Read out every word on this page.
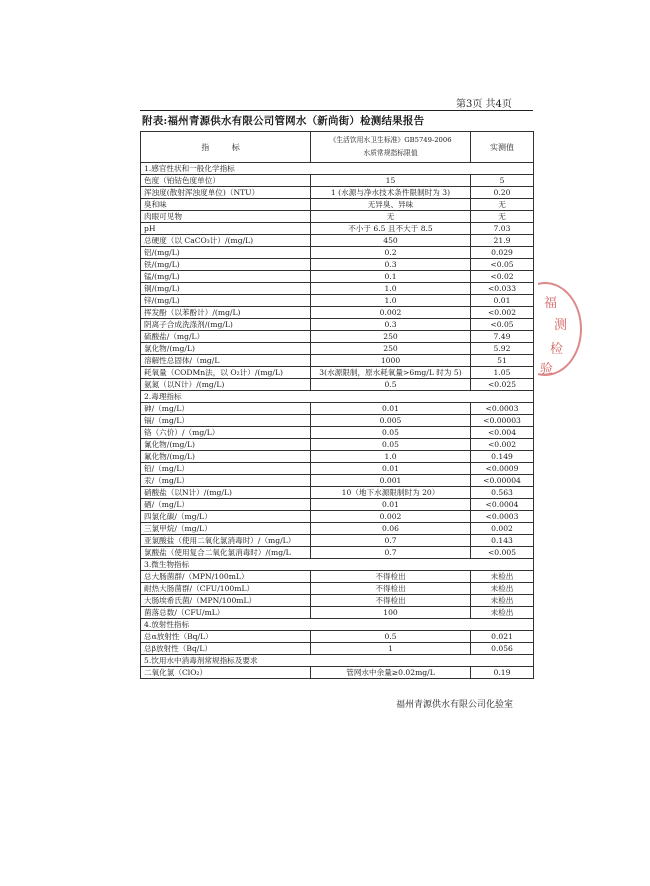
第3页 共4页
附表:福州青源供水有限公司管网水（新尚街）检测结果报告
指 标	《生活饮用水卫生标准》GB5749-2006
水质常规指标限值	实测值
1.感官性状和一般化学指标		
色度（铂钴色度单位）	15	5
浑浊度(散射浑浊度单位)（NTU）	1 (水源与净水技术条件限制时为 3)	0.20
臭和味	无异臭、异味	无
肉眼可见物	无	无
pH	不小于 6.5 且不大于 8.5	7.03
总硬度（以 CaCO₃计）/(mg/L)	450	21.9
铝/(mg/L)	0.2	0.029
铁/(mg/L)	0.3	<0.05
锰/(mg/L)	0.1	<0.02
铜/(mg/L)	1.0	<0.033
锌/(mg/L)	1.0	0.01
挥发酚（以苯酚计）/(mg/L)	0.002	<0.002
阴离子合成洗涤剂/(mg/L)	0.3	<0.05
硫酸盐/（mg/L）	250	7.49
氯化物/(mg/L)	250	5.92
溶解性总固体/（mg/L	1000	51
耗氧量（CODMn法，以 O₂计）/(mg/L)	3(水源限制，原水耗氧量>6mg/L 时为 5)	1.05
氨氮（以N计）/(mg/L)	0.5	<0.025
2.毒理指标		
砷/（mg/L）	0.01	<0.0003
镉/（mg/L）	0.005	<0.00003
铬（六价）/（mg/L）	0.05	<0.004
氰化物/(mg/L)	0.05	<0.002
氟化物/(mg/L)	1.0	0.149
铅/（mg/L）	0.01	<0.0009
汞/（mg/L）	0.001	<0.00004
硝酸盐（以N计）/(mg/L)	10（地下水源限制时为 20）	0.563
硒/（mg/L）	0.01	<0.0004
四氯化碳/（mg/L）	0.002	<0.0003
三氯甲烷/（mg/L）	0.06	0.002
亚氯酸盐（使用二氧化氯消毒时）/（mg/L）	0.7	0.143
氯酸盐（使用复合二氧化氯消毒时）/(mg/L	0.7	<0.005
3.微生物指标		
总大肠菌群/（MPN/100mL）	不得检出	未检出
耐热大肠菌群/（CFU/100mL）	不得检出	未检出
大肠埃希氏菌/（MPN/100mL）	不得检出	未检出
菌落总数/（CFU/mL）	100	未检出
4.放射性指标		
总α放射性（Bq/L）	0.5	0.021
总β放射性（Bq/L）	1	0.056
5.饮用水中消毒剂常规指标及要求		
二氧化氯（ClO₂）	管网水中余量≥0.02mg/L	0.19
福州青源供水有限公司化验室
福
测
检
验
